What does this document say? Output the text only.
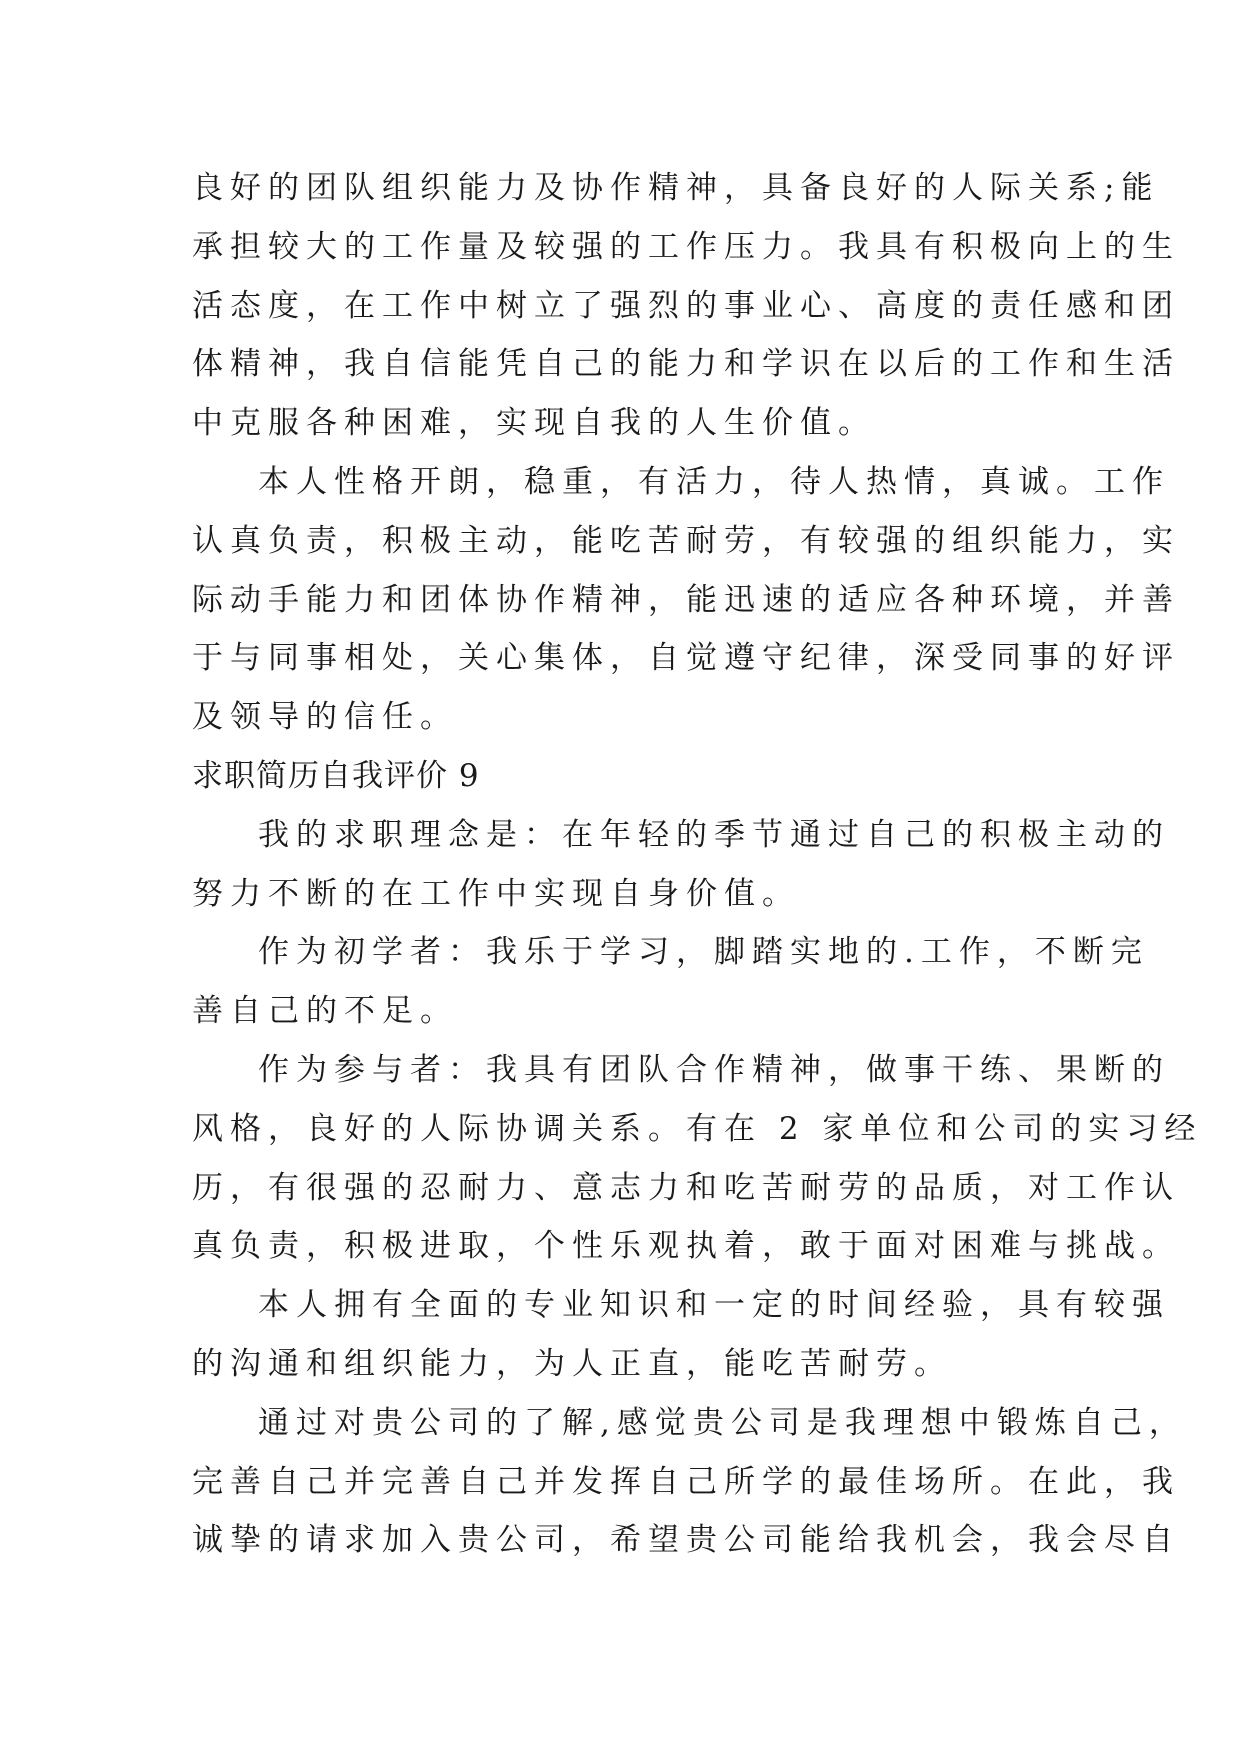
良好的团队组织能力及协作精神，具备良好的人际关系;能
承担较大的工作量及较强的工作压力。我具有积极向上的生
活态度，在工作中树立了强烈的事业心、高度的责任感和团
体精神，我自信能凭自己的能力和学识在以后的工作和生活
中克服各种困难，实现自我的人生价值。
本人性格开朗，稳重，有活力，待人热情，真诚。工作
认真负责，积极主动，能吃苦耐劳，有较强的组织能力，实
际动手能力和团体协作精神，能迅速的适应各种环境，并善
于与同事相处，关心集体，自觉遵守纪律，深受同事的好评
及领导的信任。
求职简历自我评价 9
我的求职理念是：在年轻的季节通过自己的积极主动的
努力不断的在工作中实现自身价值。
作为初学者：我乐于学习，脚踏实地的.工作，不断完
善自己的不足。
作为参与者：我具有团队合作精神，做事干练、果断的
风格，良好的人际协调关系。有在 2 家单位和公司的实习经
历，有很强的忍耐力、意志力和吃苦耐劳的品质，对工作认
真负责，积极进取，个性乐观执着，敢于面对困难与挑战。
本人拥有全面的专业知识和一定的时间经验，具有较强
的沟通和组织能力，为人正直，能吃苦耐劳。
通过对贵公司的了解,感觉贵公司是我理想中锻炼自己，
完善自己并完善自己并发挥自己所学的最佳场所。在此，我
诚挚的请求加入贵公司，希望贵公司能给我机会，我会尽自
